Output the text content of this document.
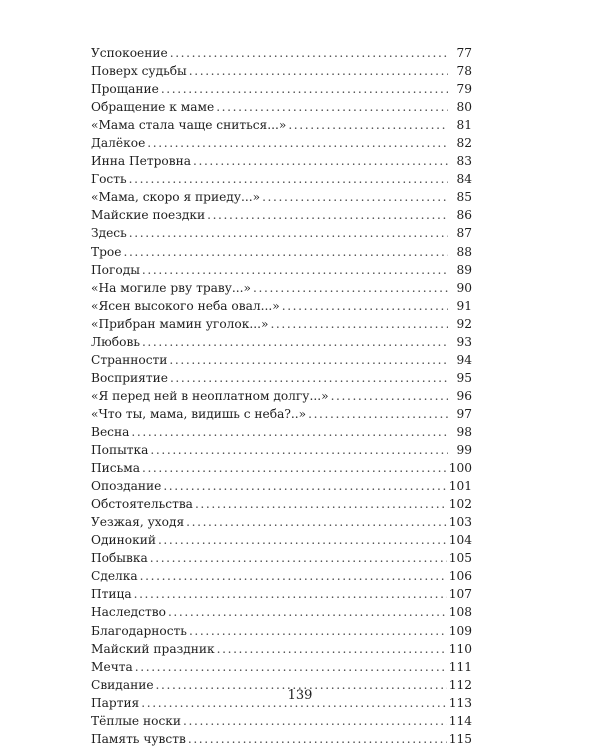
Успокоение .....	77
Поверх судьбы .....	78
Прощание .....	79
Обращение к маме .....	80
«Мама стала чаще сниться...» .....	81
Далёкое .....	82
Инна Петровна .....	83
Гость .....	84
«Мама, скоро я приеду...» .....	85
Майские поездки .....	86
Здесь .....	87
Трое .....	88
Погоды .....	89
«На могиле рву траву...» .....	90
«Ясен высокого неба овал...» .....	91
«Прибран мамин уголок...» .....	92
Любовь .....	93
Странности .....	94
Восприятие .....	95
«Я перед ней в неоплатном долгу...» .....	96
«Что ты, мама, видишь с неба?..» .....	97
Весна .....	98
Попытка .....	99
Письма .....	100
Опоздание .....	101
Обстоятельства .....	102
Уезжая, уходя .....	103
Одинокий .....	104
Побывка .....	105
Сделка .....	106
Птица .....	107
Наследство .....	108
Благодарность .....	109
Майский праздник .....	110
Мечта .....	111
Свидание .....	112
Партия .....	113
Тёплые носки .....	114
Память чувств .....	115
139
